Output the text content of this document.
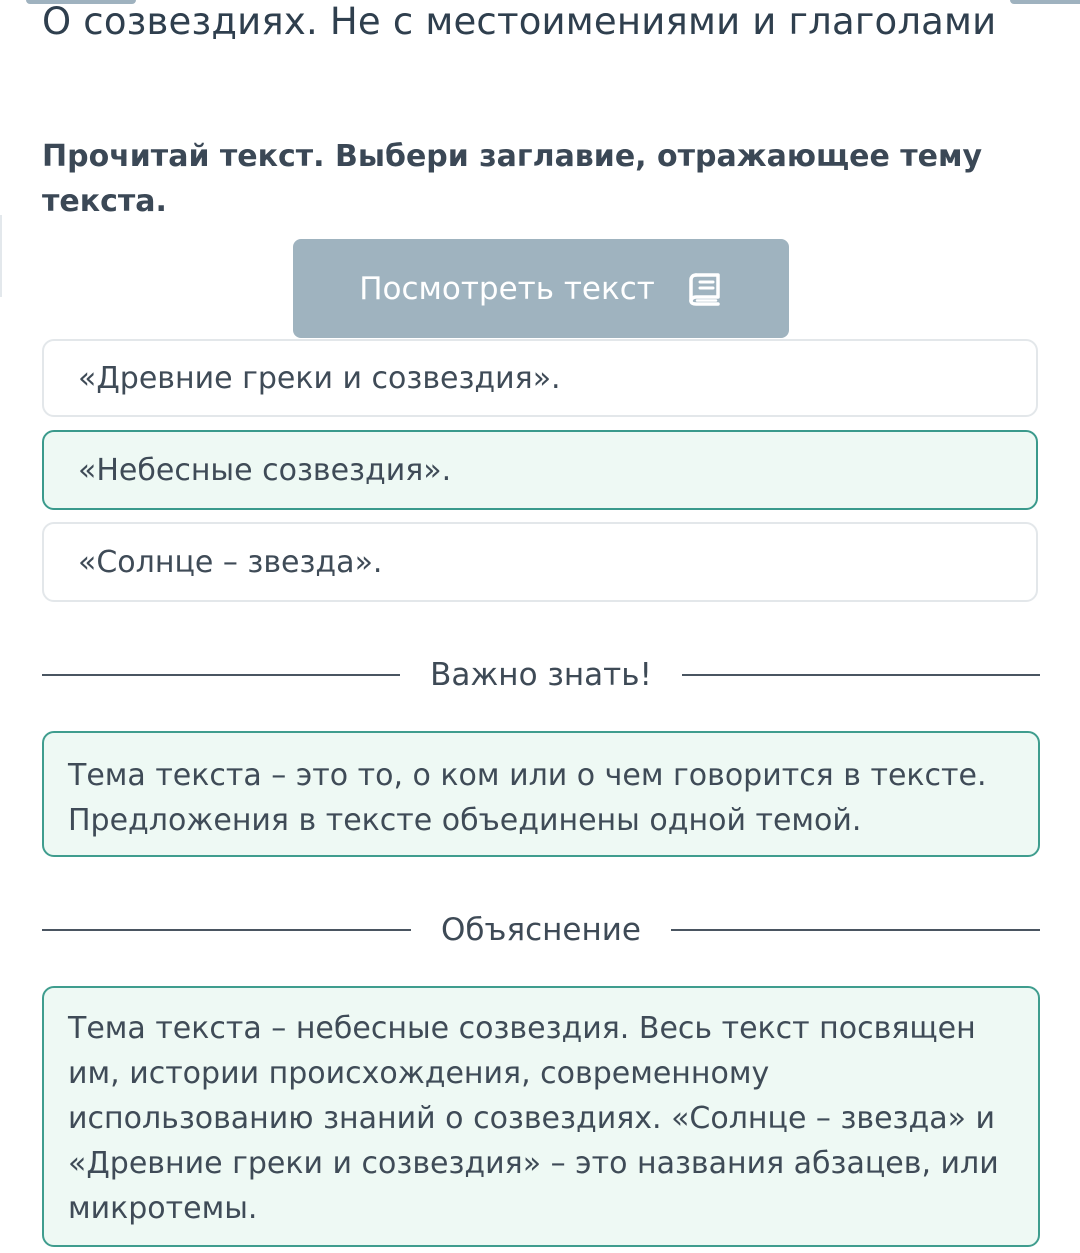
О созвездиях. Не с местоимениями и глаголами
Прочитай текст. Выбери заглавие, отражающее тему текста.
Посмотреть текст
«Древние греки и созвездия».
«Небесные созвездия».
«Солнце – звезда».
Важно знать!

Тема текста – это то, о ком или о чем говорится в тексте.

Предложения в тексте объединены одной темой.

Объяснение

Тема текста – небесные созвездия. Весь текст посвящен

им, истории происхождения, современному

использованию знаний о созвездиях. «Солнце – звезда» и

«Древние греки и созвездия» – это названия абзацев, или

микротемы.
